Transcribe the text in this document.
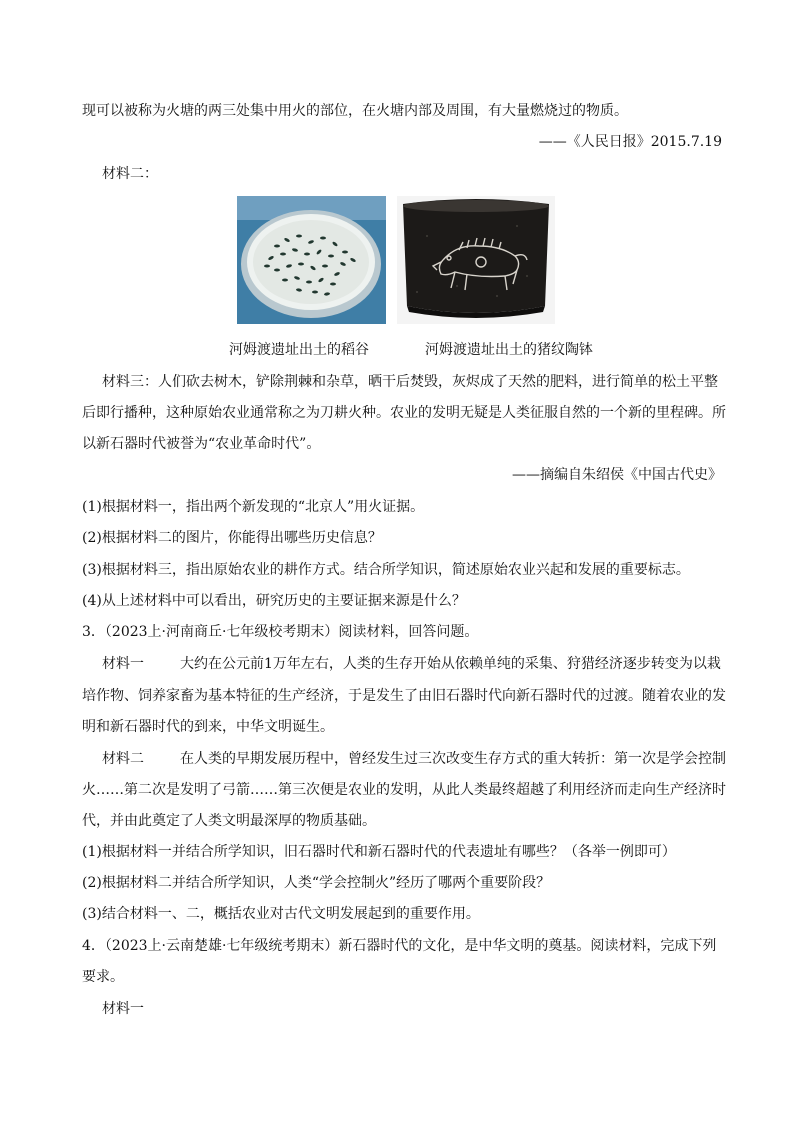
现可以被称为火塘的两三处集中用火的部位，在火塘内部及周围，有大量燃烧过的物质。
——《人民日报》2015.7.19
材料二：
河姆渡遗址出土的稻谷	河姆渡遗址出土的猪纹陶钵
材料三：人们砍去树木，铲除荆棘和杂草，晒干后焚毁，灰烬成了天然的肥料，进行简单的松土平整
后即行播种，这种原始农业通常称之为刀耕火种。农业的发明无疑是人类征服自然的一个新的里程碑。所
以新石器时代被誉为“农业革命时代”。
——摘编自朱绍侯《中国古代史》
(1)根据材料一，指出两个新发现的“北京人”用火证据。
(2)根据材料二的图片，你能得出哪些历史信息？
(3)根据材料三，指出原始农业的耕作方式。结合所学知识，简述原始农业兴起和发展的重要标志。
(4)从上述材料中可以看出，研究历史的主要证据来源是什么？
3．（2023上·河南商丘·七年级校考期末）阅读材料，回答问题。
材料一	大约在公元前1万年左右，人类的生存开始从依赖单纯的采集、狩猎经济逐步转变为以栽
培作物、饲养家畜为基本特征的生产经济，于是发生了由旧石器时代向新石器时代的过渡。随着农业的发
明和新石器时代的到来，中华文明诞生。
材料二	在人类的早期发展历程中，曾经发生过三次改变生存方式的重大转折：第一次是学会控制
火……第二次是发明了弓箭……第三次便是农业的发明，从此人类最终超越了利用经济而走向生产经济时
代，并由此奠定了人类文明最深厚的物质基础。
(1)根据材料一并结合所学知识，旧石器时代和新石器时代的代表遗址有哪些？（各举一例即可）
(2)根据材料二并结合所学知识，人类“学会控制火”经历了哪两个重要阶段？
(3)结合材料一、二，概括农业对古代文明发展起到的重要作用。
4．（2023上·云南楚雄·七年级统考期末）新石器时代的文化，是中华文明的奠基。阅读材料，完成下列
要求。
材料一
